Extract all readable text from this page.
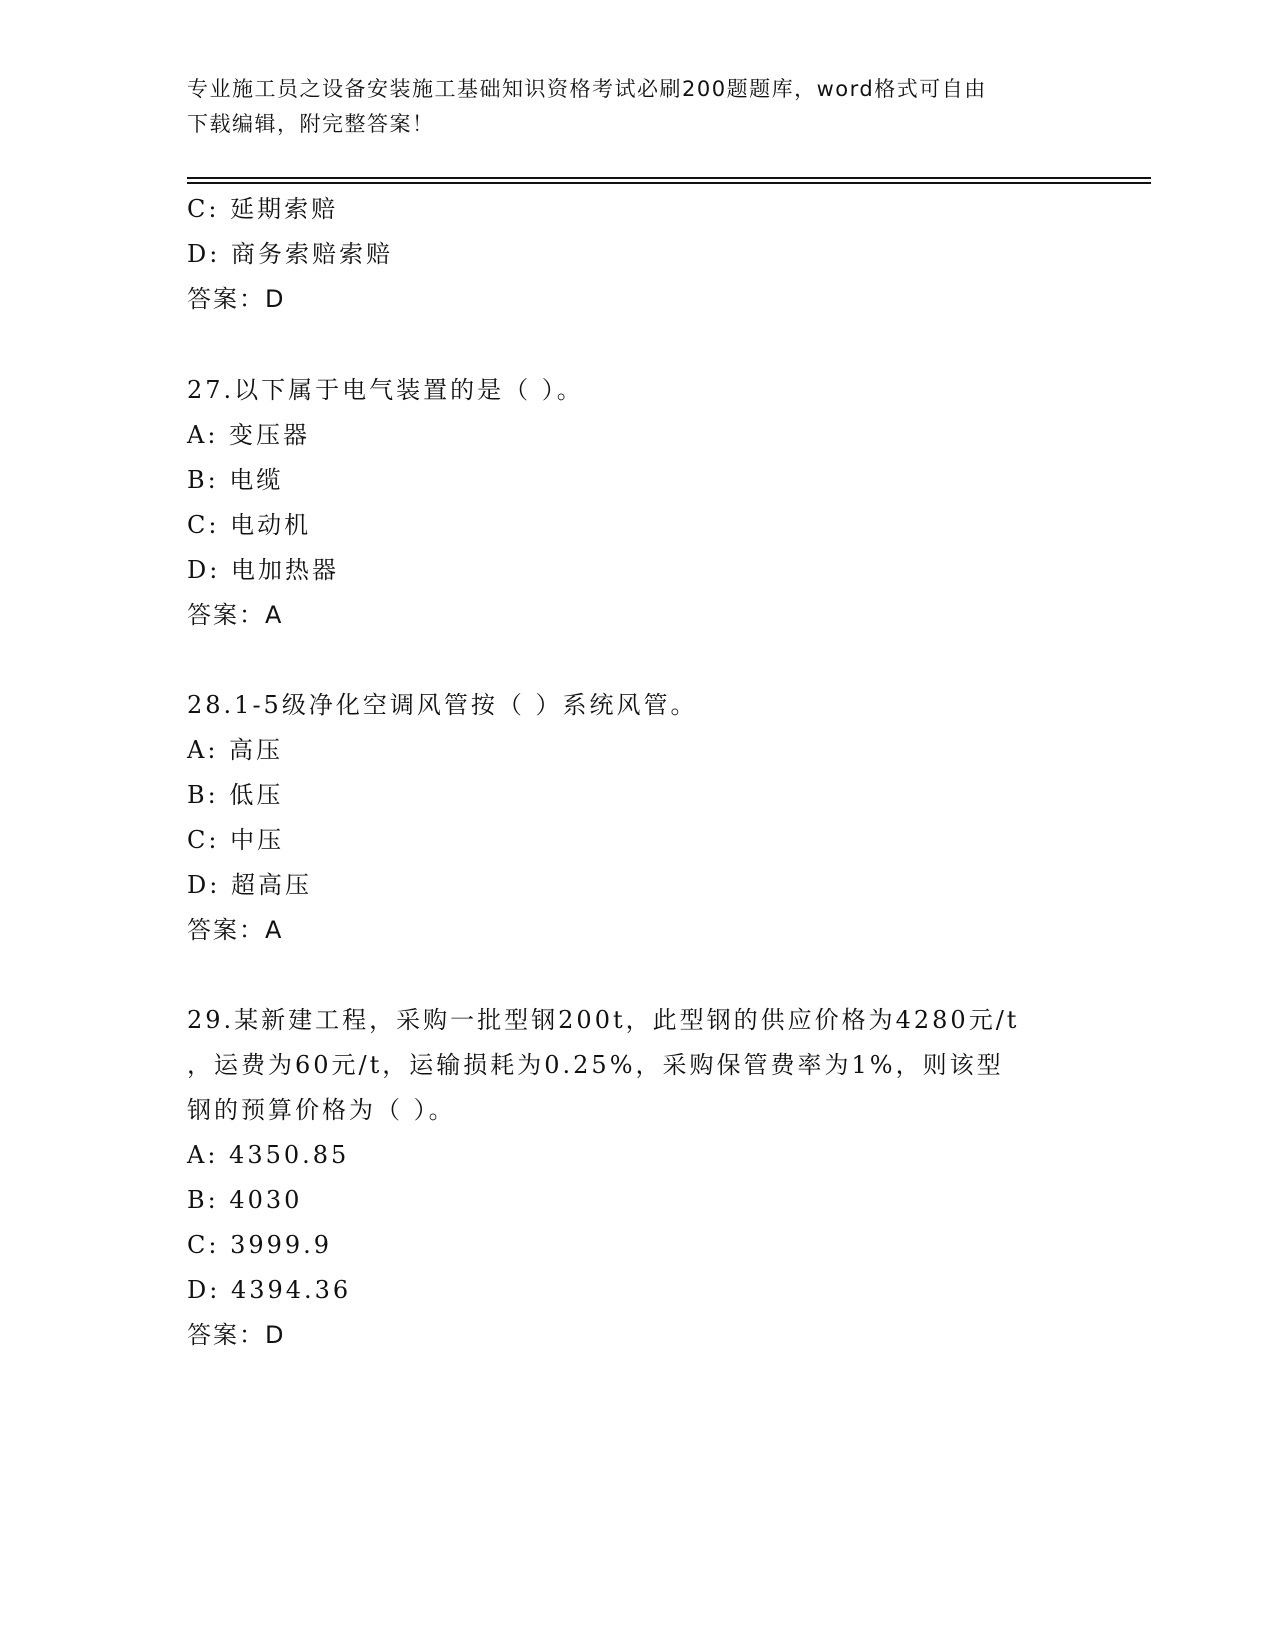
专业施工员之设备安装施工基础知识资格考试必刷200题题库，word格式可自由
下载编辑，附完整答案！
C: 延期索赔
D: 商务索赔索赔
答案：D
27.以下属于电气装置的是（ ）。
A: 变压器
B: 电缆
C: 电动机
D: 电加热器
答案：A
28.1-5级净化空调风管按（ ）系统风管。
A: 高压
B: 低压
C: 中压
D: 超高压
答案：A
29.某新建工程，采购一批型钢200t，此型钢的供应价格为4280元/t
，运费为60元/t，运输损耗为0.25%，采购保管费率为1%，则该型
钢的预算价格为（ ）。
A: 4350.85
B: 4030
C: 3999.9
D: 4394.36
答案：D
